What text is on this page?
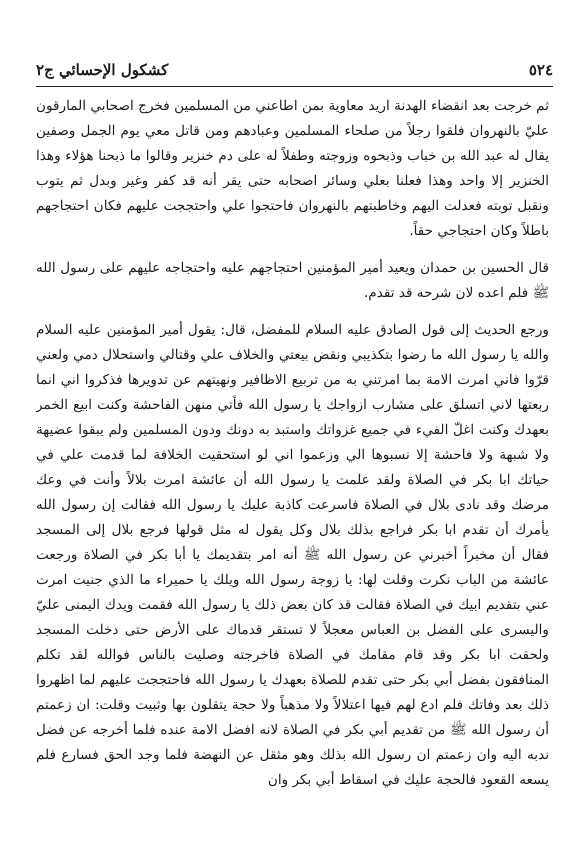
٥٢٤
كشكول الإحسائي ج٢

ثم خرجت بعد انقضاء الهدنة اريد معاوية بمن اطاعني من المسلمين فخرج اصحابي المارقون عليّ بالنهروان فلقوا رجلاً من صلحاء المسلمين وعبادهم ومن قاتل معي يوم الجمل وصفين يقال له عبد الله بن خباب وذبحوه وزوجته وطفلاً له على دم خنزير وقالوا ما ذبحنا هؤلاء وهذا الخنزير إلا واحد وهذا فعلنا بعلي وسائر اصحابه حتى يقر أنه قد كفر وغير وبدل ثم يتوب ونقبل توبته فعدلت اليهم وخاطبتهم بالنهروان فاحتجوا علي واحتججت عليهم فكان احتجاجهم باطلاً وكان احتجاجي حقاً.

قال الحسين بن حمدان ويعيد أمير المؤمنين احتجاجهم عليه واحتجاجه عليهم على رسول الله ﷺ فلم اعده لان شرحه قد تقدم.

ورجع الحديث إلى قول الصادق عليه السلام للمفضل، قال: يقول أمير المؤمنين عليه السلام والله يا رسول الله ما رضوا بتكذيبي ونقض بيعتي والخلاف علي وقتالي واستحلال دمي ولعني قرّوا فاني امرت الامة بما امرتني به من تربيع الاظافير ونهيتهم عن تدويرها فذكروا اني انما ربعتها لاني اتسلق على مشارب ازواجك يا رسول الله فأتي منهن الفاحشة وكنت ابيع الخمر بعهدك وكنت اغلّ الفيء في جميع غزواتك واستبد به دونك ودون المسلمين ولم يبقوا عضيهة ولا شبهة ولا فاحشة إلا نسبوها الي وزعموا اني لو استحقيت الخلافة لما قدمت علي في حياتك ابا بكر في الصلاة ولقد علمت يا رسول الله أن عائشة امرت بلالاً وأنت في وعك مرضك وقد نادى بلال في الصلاة فاسرعت كاذبة عليك يا رسول الله فقالت إن رسول الله يأمرك أن تقدم ابا بكر فراجع بذلك بلال وكل يقول له مثل قولها فرجع بلال إلى المسجد فقال أن مخبراً أخبرني عن رسول الله ﷺ أنه امر بتقديمك يا أبا بكر في الصلاة ورجعت عائشة من الباب نكرت وقلت لها: يا زوجة رسول الله ويلك يا حميراء ما الذي جنيت امرت عني بتقديم ابيك في الصلاة فقالت قد كان بعض ذلك يا رسول الله فقمت ويدك اليمنى عليّ واليسرى على الفضل بن العباس معجلاً لا تستقر قدماك على الأرض حتى دخلت المسجد ولحقت ابا بكر وقد قام مقامك في الصلاة فاخرجته وصليت بالناس فوالله لقد تكلم المنافقون بفضل أبي بكر حتى تقدم للصلاة بعهدك يا رسول الله فاحتججت عليهم لما اظهروا ذلك بعد وفاتك فلم ادع لهم فيها اعتلالاً ولا مذهباً ولا حجة يتقلون بها وثبيت وقلت: ان زعمتم أن رسول الله ﷺ من تقديم أبي بكر في الصلاة لانه افضل الامة عنده فلما أخرجه عن فضل ندبه اليه وان زعمتم ان رسول الله بذلك وهو مثقل عن النهضة فلما وجد الحق فسارع فلم يسعه القعود فالحجة عليك في اسقاط أبي بكر وان
